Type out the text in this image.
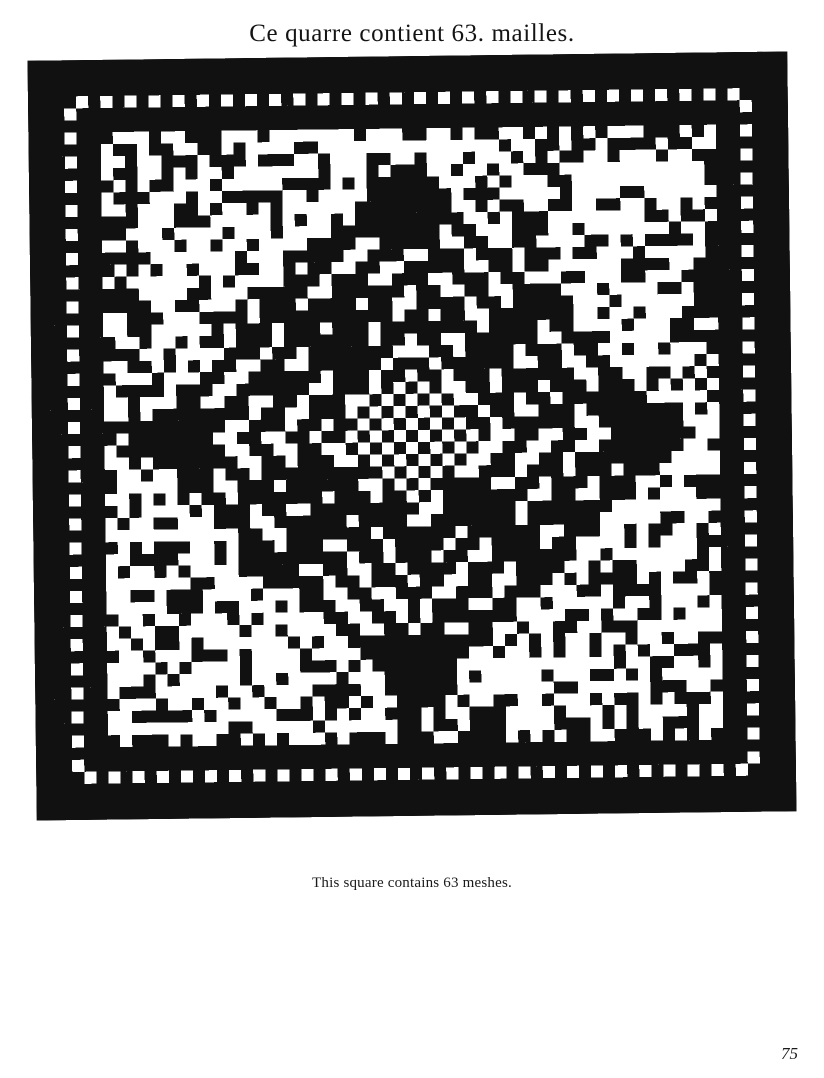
Ce quarre contient 63. mailles.
This square contains 63 meshes.
75
